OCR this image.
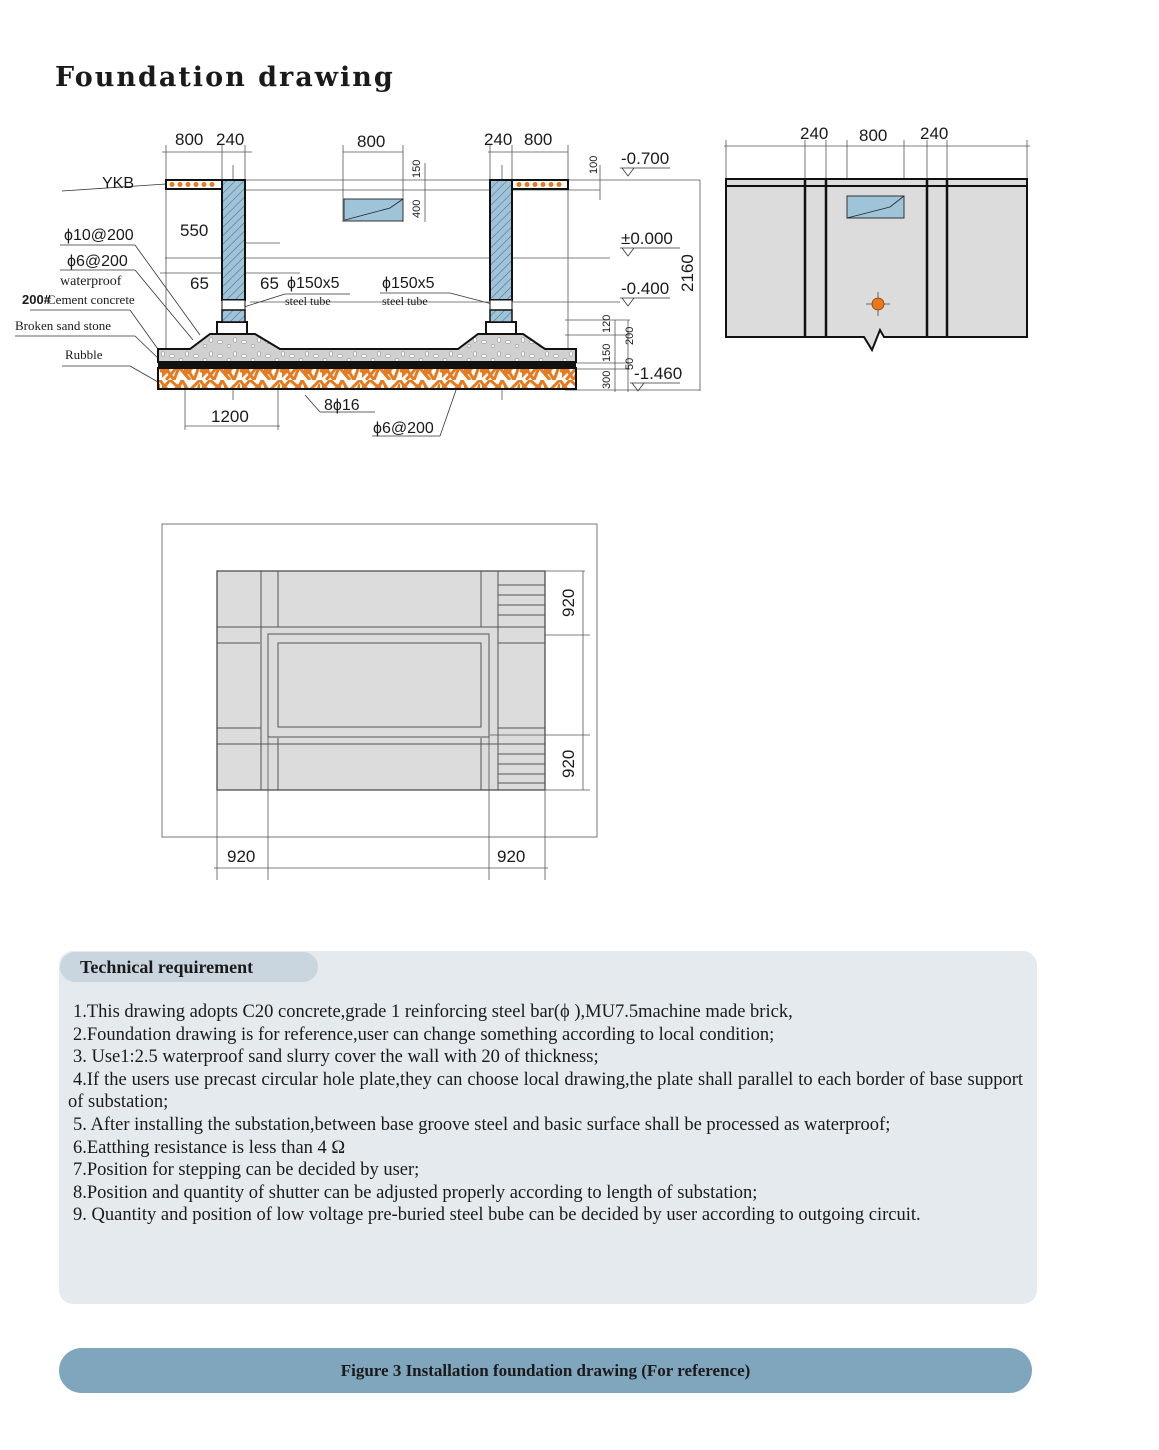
Foundation drawing
800 240	800	240 800
550
65	65
1200
2160
150
400
100
120
200
150
50
300
-0.700
±0.000
-0.400
-1.460
YKB
ϕ10@200
ϕ6@200
waterproof
200#
Cement concrete
Broken sand stone
Rubble
ϕ150x5
steel tube
ϕ150x5
steel tube
8ϕ16
ϕ6@200
240 800 240
920
920
920	920
Technical requirement
1.This drawing adopts C20 concrete,grade 1 reinforcing steel bar(ϕ ),MU7.5machine made brick,
2.Foundation drawing is for reference,user can change something according to local condition;
3. Use1:2.5 waterproof sand slurry cover the wall with 20 of thickness;
4.If the users use precast circular hole plate,they can choose local drawing,the plate shall parallel to each border of base support of substation;
5. After installing the substation,between base groove steel and basic surface shall be processed as waterproof;
6.Eatthing resistance is less than 4 Ω
7.Position for stepping can be decided by user;
8.Position and quantity of shutter can be adjusted properly according to length of substation;
9. Quantity and position of low voltage pre-buried steel bube can be decided by user according to outgoing circuit.
Figure 3 Installation foundation drawing (For reference)
